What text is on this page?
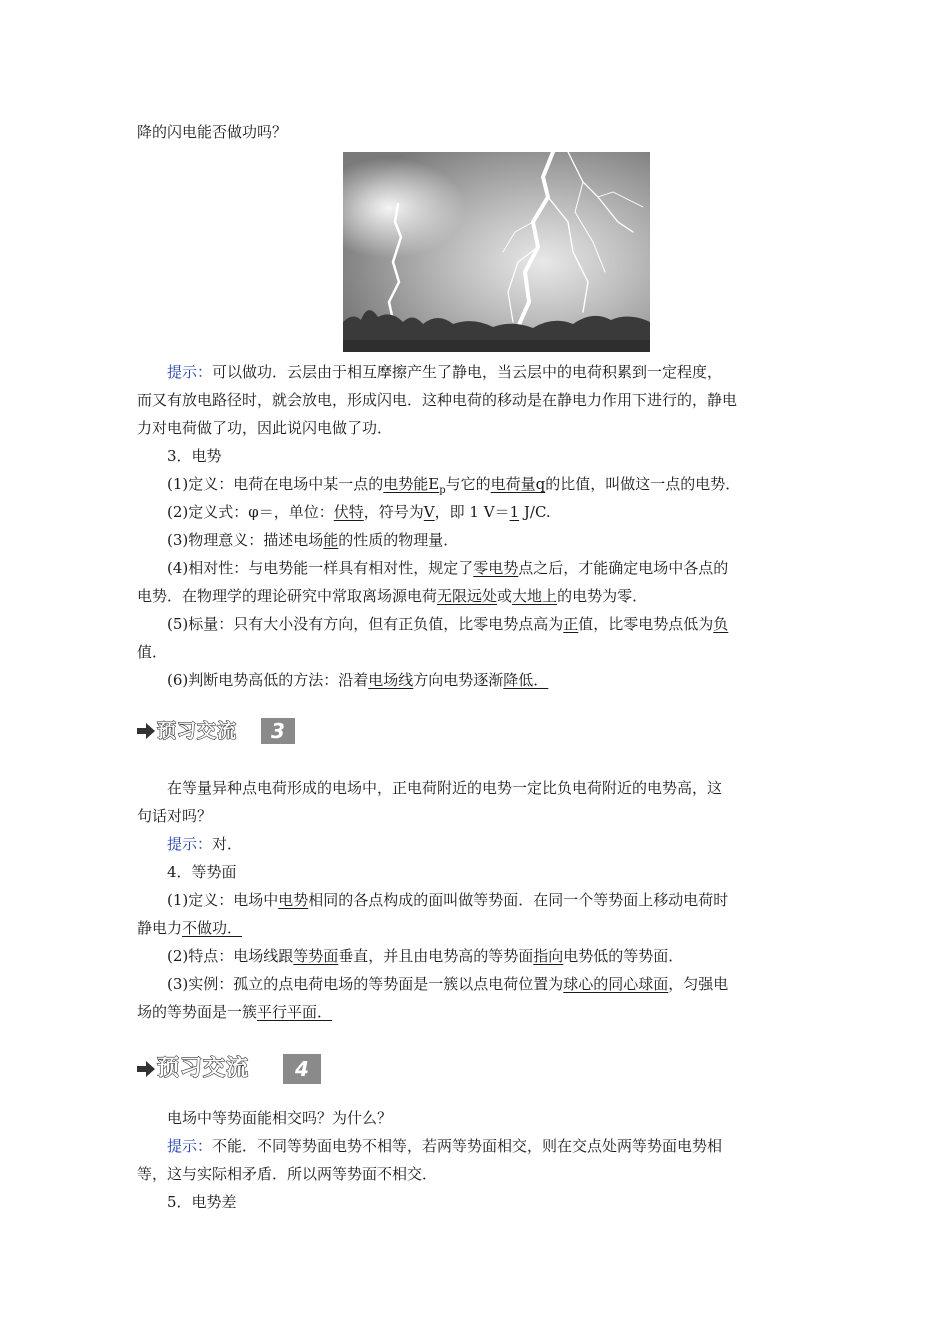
降的闪电能否做功吗？
提示：可以做功．云层由于相互摩擦产生了静电，当云层中的电荷积累到一定程度，
而又有放电路径时，就会放电，形成闪电．这种电荷的移动是在静电力作用下进行的，静电
力对电荷做了功，因此说闪电做了功．
3．电势
(1)定义：电荷在电场中某一点的电势能$E_p$与它的电荷量q的比值，叫做这一点的电势．
(2)定义式：φ＝，单位：伏特，符号为V，即 1 V＝1 J/C.
(3)物理意义：描述电场能的性质的物理量．
(4)相对性：与电势能一样具有相对性，规定了零电势点之后，才能确定电场中各点的
电势．在物理学的理论研究中常取离场源电荷无限远处或大地上的电势为零．
(5)标量：只有大小没有方向，但有正负值，比零电势点高为正值，比零电势点低为负
值．
(6)判断电势高低的方法：沿着电场线方向电势逐渐降低．
预习交流	3
在等量异种点电荷形成的电场中，正电荷附近的电势一定比负电荷附近的电势高，这
句话对吗？
提示：对．
4．等势面
(1)定义：电场中电势相同的各点构成的面叫做等势面．在同一个等势面上移动电荷时
静电力不做功．
(2)特点：电场线跟等势面垂直，并且由电势高的等势面指向电势低的等势面．
(3)实例：孤立的点电荷电场的等势面是一簇以点电荷位置为球心的同心球面，匀强电
场的等势面是一簇平行平面．
预习交流	4
电场中等势面能相交吗？为什么？
提示：不能．不同等势面电势不相等，若两等势面相交，则在交点处两等势面电势相
等，这与实际相矛盾．所以两等势面不相交．
5．电势差
